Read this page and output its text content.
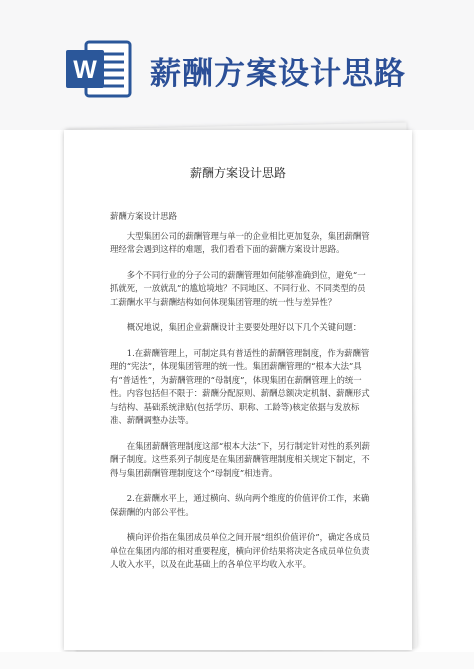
W 薪酬方案设计思路
薪酬方案设计思路

薪酬方案设计思路

大型集团公司的薪酬管理与单一的企业相比更加复杂，集团薪酬管理经常会遇到这样的难题，我们看看下面的薪酬方案设计思路。

多个不同行业的分子公司的薪酬管理如何能够准确到位，避免“一抓就死，一放就乱”的尴尬境地？不同地区、不同行业、不同类型的员工薪酬水平与薪酬结构如何体现集团管理的统一性与差异性？

概况地说，集团企业薪酬设计主要要处理好以下几个关键问题：

1.在薪酬管理上，可制定具有普适性的薪酬管理制度，作为薪酬管理的“宪法”，体现集团管理的统一性。集团薪酬管理的“根本大法”具有“普适性”，为薪酬管理的“母制度”，体现集团在薪酬管理上的统一性。内容包括但不限于：薪酬分配原则、薪酬总额决定机制、薪酬形式与结构、基础系统津贴(包括学历、职称、工龄等)核定依据与发放标准、薪酬调整办法等。

在集团薪酬管理制度这部“根本大法”下，另行制定针对性的系列薪酬子制度。这些系列子制度是在集团薪酬管理制度相关规定下制定，不得与集团薪酬管理制度这个“母制度”相违背。

2.在薪酬水平上，通过横向、纵向两个维度的价值评价工作，来确保薪酬的内部公平性。

横向评价指在集团成员单位之间开展“组织价值评价”，确定各成员单位在集团内部的相对重要程度，横向评价结果将决定各成员单位负责人收入水平，以及在此基础上的各单位平均收入水平。
